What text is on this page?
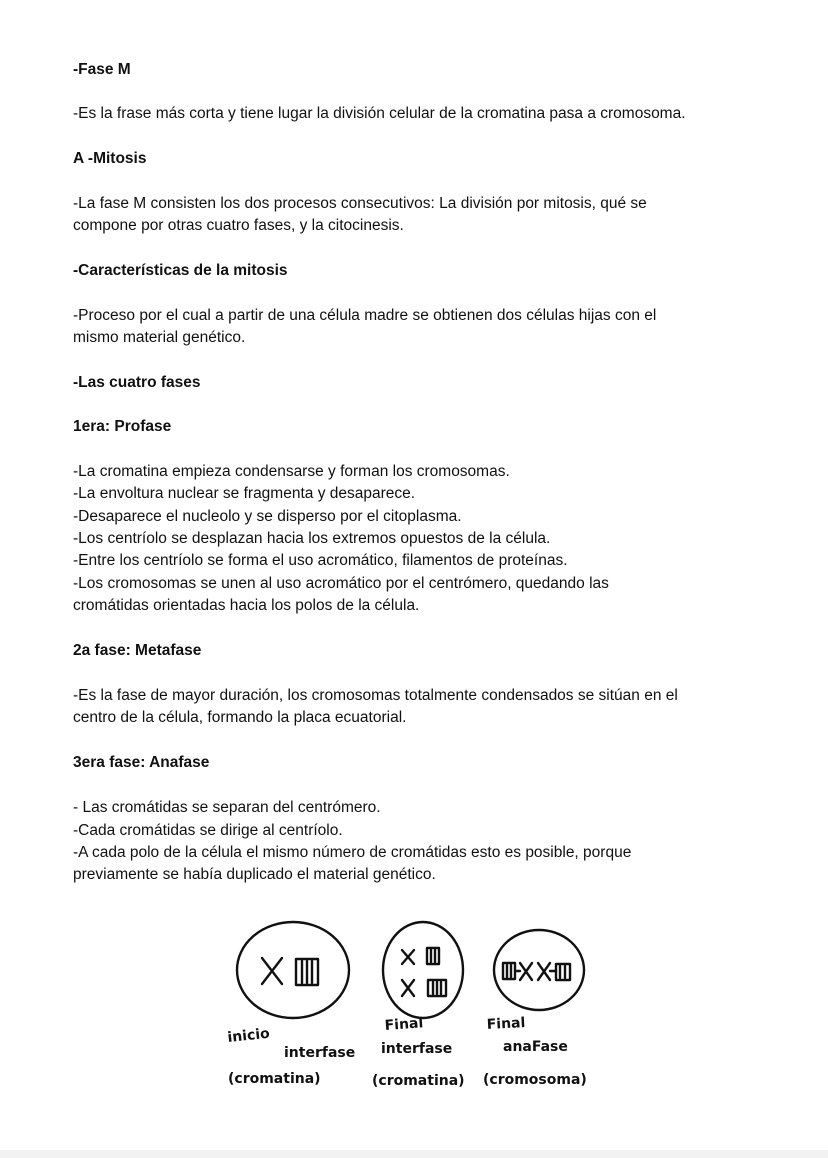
-Fase M
-Es la frase más corta y tiene lugar la división celular de la cromatina pasa a cromosoma.
A -Mitosis
-La fase M consisten los dos procesos consecutivos: La división por mitosis, qué se
compone por otras cuatro fases, y la citocinesis.
-Características de la mitosis
-Proceso por el cual a partir de una célula madre se obtienen dos células hijas con el
mismo material genético.
-Las cuatro fases
1era: Profase
-La cromatina empieza condensarse y forman los cromosomas.
-La envoltura nuclear se fragmenta y desaparece.
-Desaparece el nucleolo y se disperso por el citoplasma.
-Los centríolo se desplazan hacia los extremos opuestos de la célula.
-Entre los centríolo se forma el uso acromático, filamentos de proteínas.
-Los cromosomas se unen al uso acromático por el centrómero, quedando las
cromátidas orientadas hacia los polos de la célula.
2a fase: Metafase
-Es la fase de mayor duración, los cromosomas totalmente condensados se sitúan en el
centro de la célula, formando la placa ecuatorial.
3era fase: Anafase
- Las cromátidas se separan del centrómero.
-Cada cromátidas se dirige al centríolo.
-A cada polo de la célula el mismo número de cromátidas esto es posible, porque
previamente se había duplicado el material genético.
inicio
interfase
(cromatina)
Final
interfase
(cromatina)
Final
anaFase
(cromosoma)
